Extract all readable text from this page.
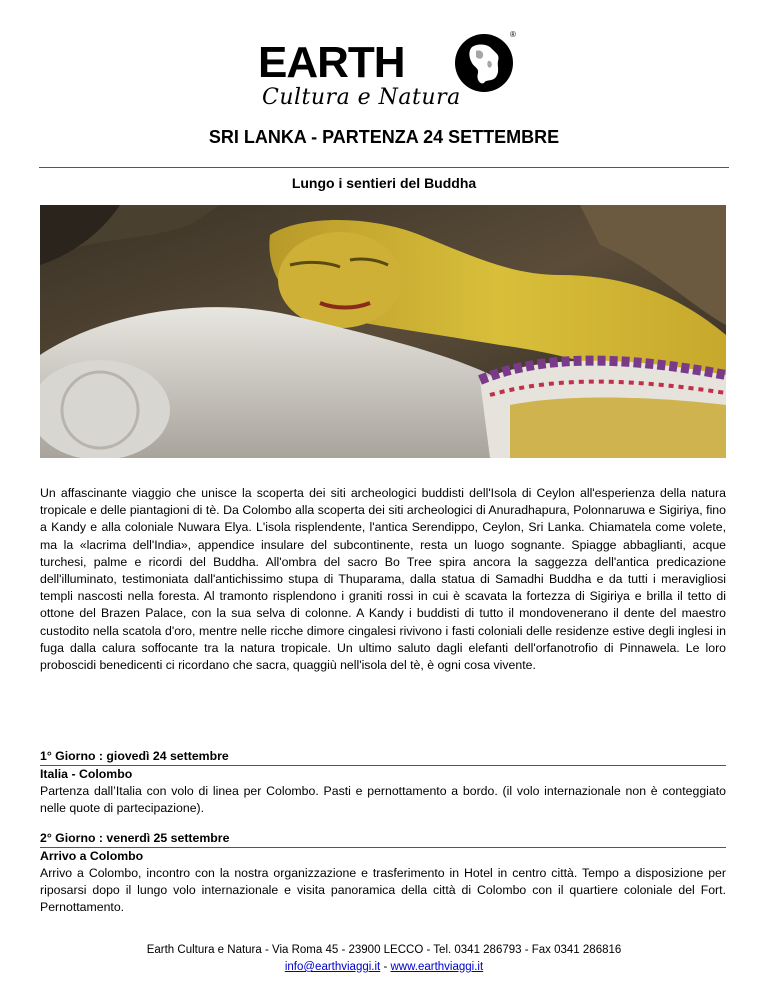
EARTH
®
Cultura e Natura
SRI LANKA - PARTENZA 24 SETTEMBRE
Lungo i sentieri del Buddha

Un affascinante viaggio che unisce la scoperta dei siti archeologici buddisti dell'Isola di Ceylon all'esperienza della natura tropicale e delle piantagioni di tè. Da Colombo alla scoperta dei siti archeologici di Anuradhapura, Polonnaruwa e Sigiriya, fino a Kandy e alla coloniale Nuwara Elya. L'isola risplendente, l'antica Serendippo, Ceylon, Sri Lanka. Chiamatela come volete, ma la «lacrima dell'India», appendice insulare del subcontinente, resta un luogo sognante. Spiagge abbaglianti, acque turchesi, palme e ricordi del Buddha. All'ombra del sacro Bo Tree spira ancora la saggezza dell'antica predicazione dell'illuminato, testimoniata dall'antichissimo stupa di Thuparama, dalla statua di Samadhi Buddha e da tutti i meravigliosi templi nascosti nella foresta. Al tramonto risplendono i graniti rossi in cui è scavata la fortezza di Sigiriya e brilla il tetto di ottone del Brazen Palace, con la sua selva di colonne. A Kandy i buddisti di tutto il mondovenerano il dente del maestro custodito nella scatola d'oro, mentre nelle ricche dimore cingalesi rivivono i fasti coloniali delle residenze estive degli inglesi in fuga dalla calura soffocante tra la natura tropicale. Un ultimo saluto dagli elefanti dell'orfanotrofio di Pinnawela. Le loro proboscidi benedicenti ci ricordano che sacra, quaggiù nell'isola del tè, è ogni cosa vivente.

1° Giorno : giovedì 24 settembre
Italia - Colombo

Partenza dall’Italia con volo di linea per Colombo. Pasti e pernottamento a bordo. (il volo internazionale non è conteggiato nelle quote di partecipazione).

2° Giorno : venerdì 25 settembre
Arrivo a Colombo

Arrivo a Colombo, incontro con la nostra organizzazione e trasferimento in Hotel in centro città. Tempo a disposizione per riposarsi dopo il lungo volo internazionale e visita panoramica della città di Colombo con il quartiere coloniale del Fort. Pernottamento.

Earth Cultura e Natura - Via Roma 45 - 23900 LECCO - Tel. 0341 286793 - Fax 0341 286816
info@earthviaggi.it - www.earthviaggi.it
